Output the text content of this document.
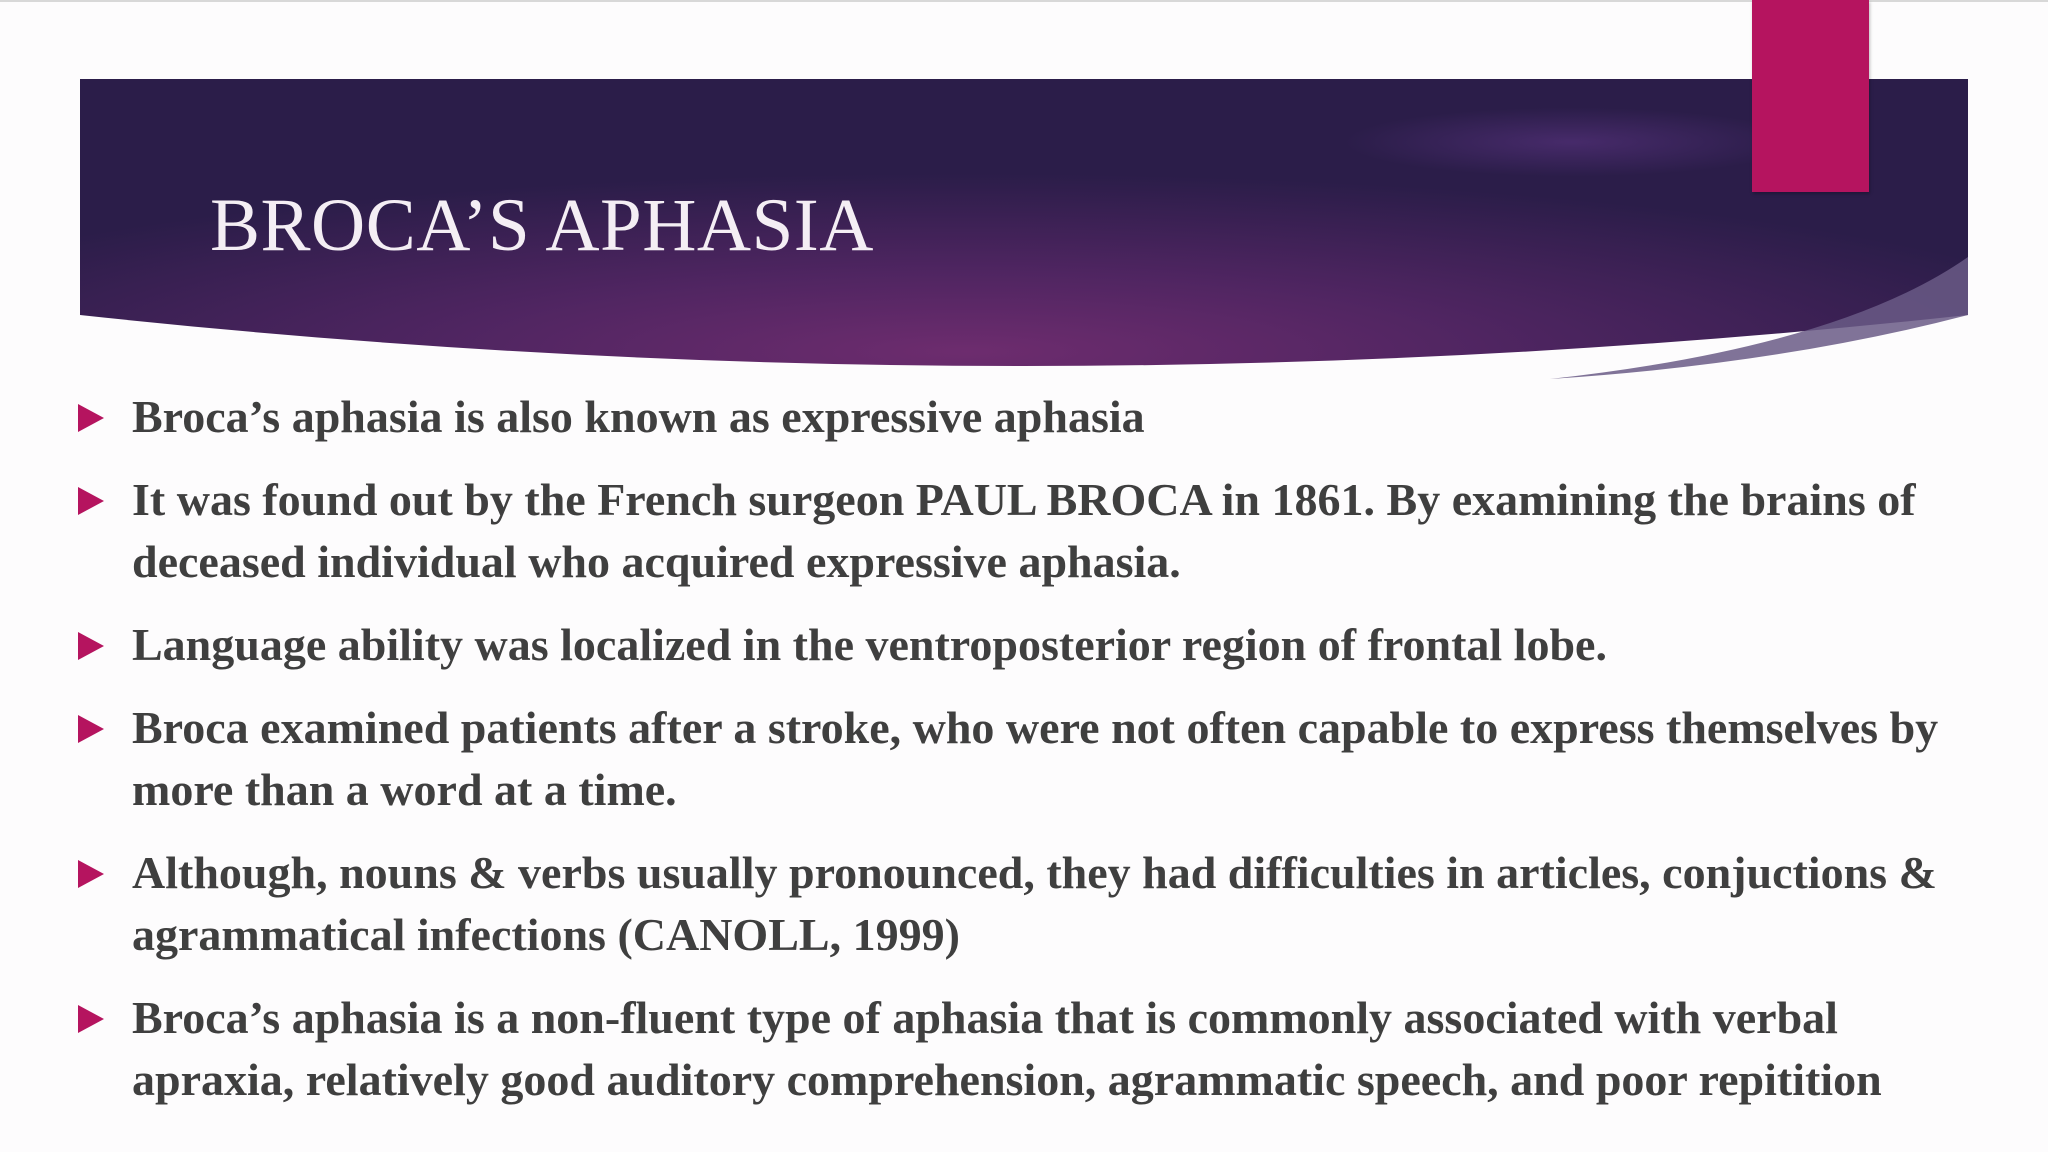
BROCA’S APHASIA
Broca’s aphasia is also known as expressive aphasia
It was found out by the French surgeon PAUL BROCA in 1861. By examining the brains of deceased individual who acquired expressive aphasia.
Language ability was localized in the ventroposterior region of frontal lobe.
Broca examined patients after a stroke, who were not often capable to express themselves by more than a word at a time.
Although, nouns & verbs usually pronounced, they had difficulties in articles, conjuctions & agrammatical infections (CANOLL, 1999)
Broca’s aphasia is a non-fluent type of aphasia that is commonly associated with verbal apraxia, relatively good auditory comprehension, agrammatic speech, and poor repitition
